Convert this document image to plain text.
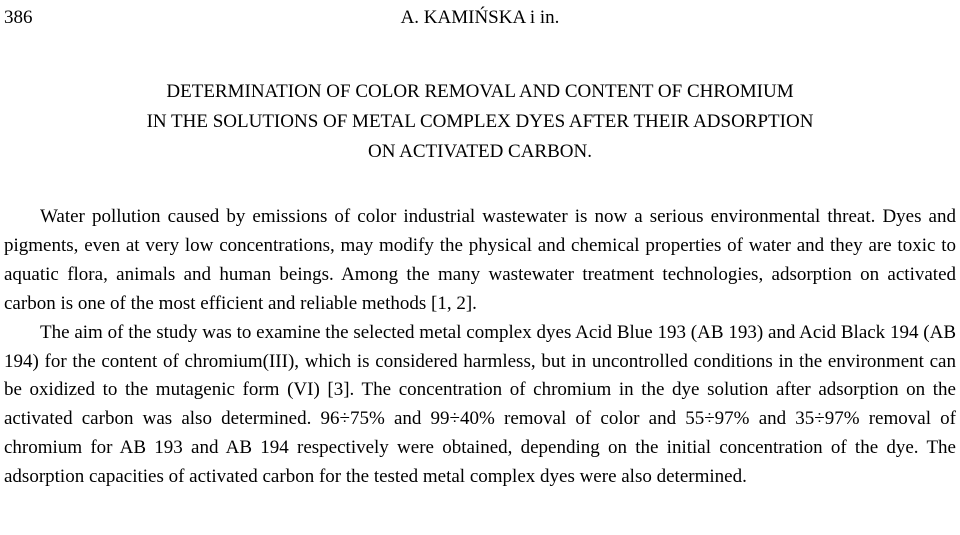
386	A. KAMIŃSKA i in.
DETERMINATION OF COLOR REMOVAL AND CONTENT OF CHROMIUM
IN THE SOLUTIONS OF METAL COMPLEX DYES AFTER THEIR ADSORPTION
ON ACTIVATED CARBON.

Water pollution caused by emissions of color industrial wastewater is now a serious environmental threat. Dyes and pigments, even at very low concentrations, may modify the physical and chemical properties of water and they are toxic to aquatic flora, animals and human beings. Among the many wastewater treatment technologies, adsorption on activated carbon is one of the most efficient and reliable methods [1, 2].

The aim of the study was to examine the selected metal complex dyes Acid Blue 193 (AB 193) and Acid Black 194 (AB 194) for the content of chromium(III), which is considered harmless, but in uncontrolled conditions in the environment can be oxidized to the mutagenic form (VI) [3]. The concentration of chromium in the dye solution after adsorption on the activated carbon was also determined. 96÷75% and 99÷40% removal of color and 55÷97% and 35÷97% removal of chromium for AB 193 and AB 194 respectively were obtained, depending on the initial concentration of the dye. The adsorption capacities of activated carbon for the tested metal complex dyes were also determined.
